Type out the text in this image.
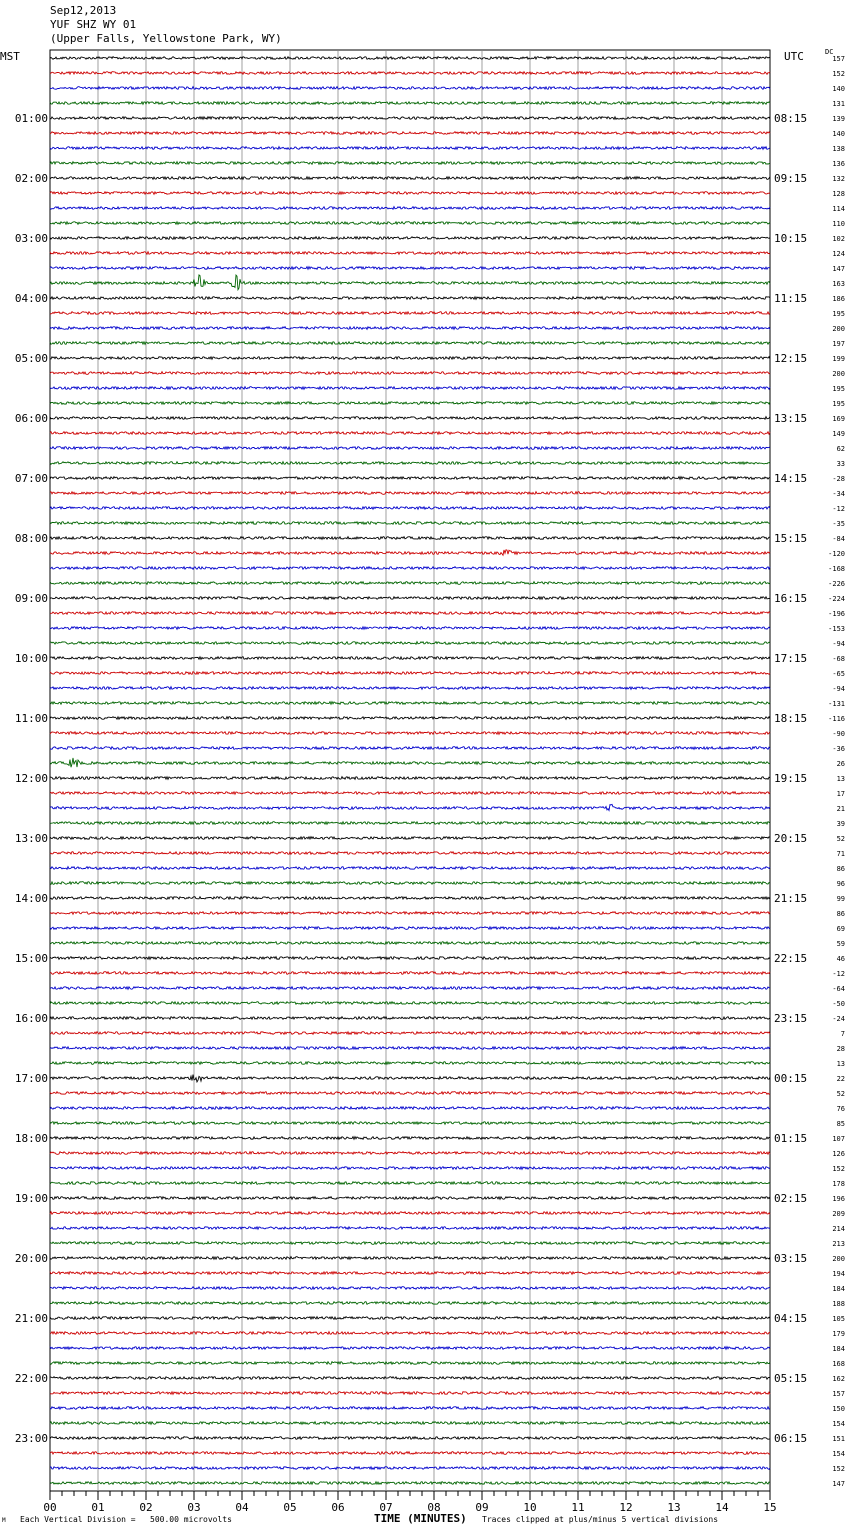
Sep12,2013
YUF SHZ WY 01
(Upper Falls, Yellowstone Park, WY)
MST	UTC	DC
157
152
140
131
139
140
138
136
132
128
114
110
102
124
147
163
186
195
200
197
199
200
195
195
169
149
62
33
-28
-34
-12
-35
-84
-120
-168
-226
-224
-196
-153
-94
-68
-65
-94
-131
-116
-90
-36
26
13
17
21
39
52
71
86
96
99
86
69
59
46
-12
-64
-50
-24
7
28
13
22
52
76
85
107
126
152
178
196
209
214
213
200
194
184
188
105
179
184
168
162
157
150
154
151
154
152
147
01:00
02:00
03:00
04:00
05:00
06:00
07:00
08:00
09:00
10:00
11:00
12:00
13:00
14:00
15:00
16:00
17:00
18:00
19:00
20:00
21:00
22:00
23:00
08:15
09:15
10:15
11:15
12:15
13:15
14:15
15:15
16:15
17:15
18:15
19:15
20:15
21:15
22:15
23:15
00:15
01:15
02:15
03:15
04:15
05:15
06:15
00	01	02	03	04	05	06	07	08	09	10	11	12	13	14	15
TIME (MINUTES)
Each Vertical Division =   500.00 microvolts	Traces clipped at plus/minus 5 vertical divisions
M
